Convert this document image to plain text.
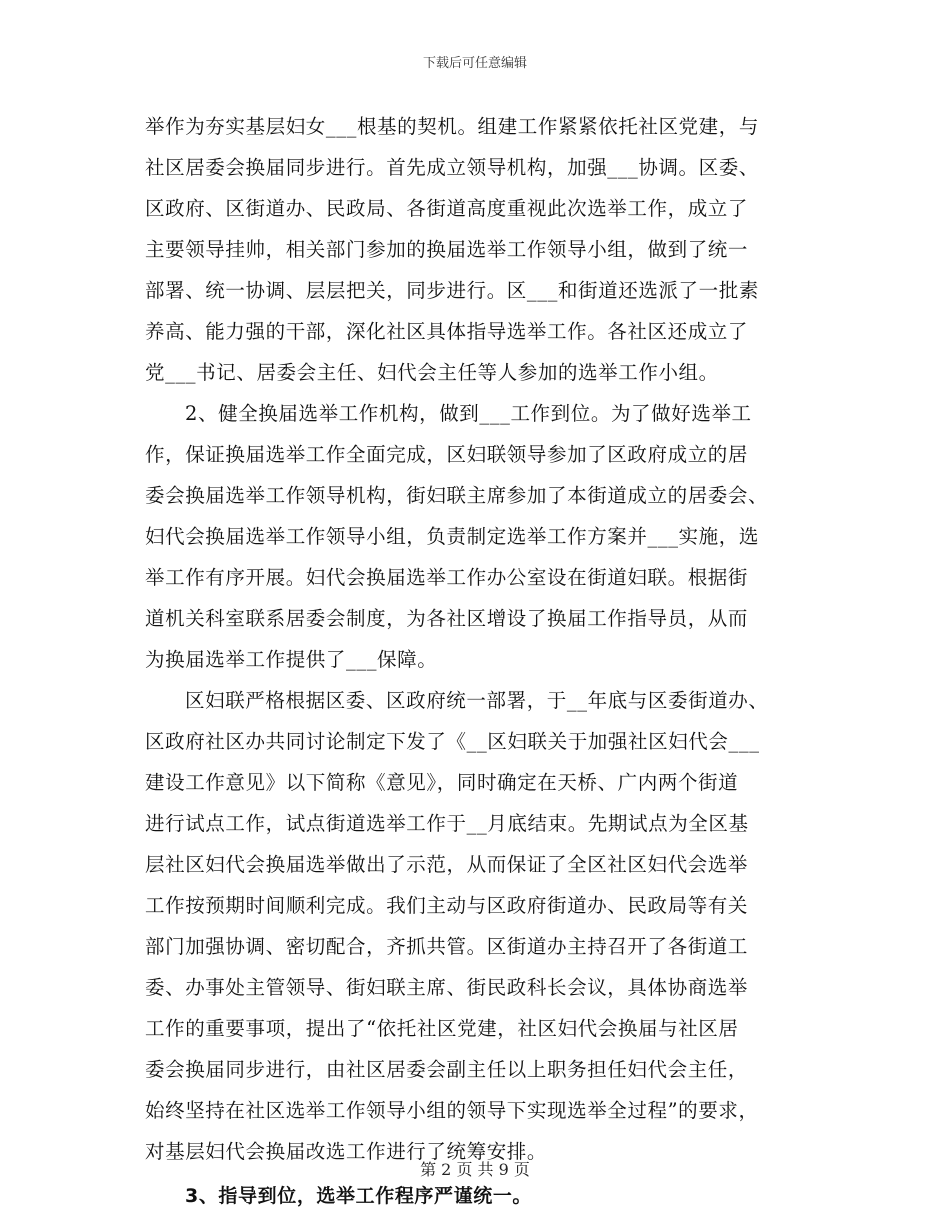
下载后可任意编辑
举作为夯实基层妇女___根基的契机。组建工作紧紧依托社区党建，与
社区居委会换届同步进行。首先成立领导机构，加强___协调。区委、
区政府、区街道办、民政局、各街道高度重视此次选举工作，成立了
主要领导挂帅，相关部门参加的换届选举工作领导小组，做到了统一
部署、统一协调、层层把关，同步进行。区___和街道还选派了一批素
养高、能力强的干部，深化社区具体指导选举工作。各社区还成立了
党___书记、居委会主任、妇代会主任等人参加的选举工作小组。
2、健全换届选举工作机构，做到___工作到位。为了做好选举工
作，保证换届选举工作全面完成，区妇联领导参加了区政府成立的居
委会换届选举工作领导机构，街妇联主席参加了本街道成立的居委会、
妇代会换届选举工作领导小组，负责制定选举工作方案并___实施，选
举工作有序开展。妇代会换届选举工作办公室设在街道妇联。根据街
道机关科室联系居委会制度，为各社区增设了换届工作指导员，从而
为换届选举工作提供了___保障。
区妇联严格根据区委、区政府统一部署，于__年底与区委街道办、
区政府社区办共同讨论制定下发了《__区妇联关于加强社区妇代会___
建设工作意见》以下简称《意见》，同时确定在天桥、广内两个街道
进行试点工作，试点街道选举工作于__月底结束。先期试点为全区基
层社区妇代会换届选举做出了示范，从而保证了全区社区妇代会选举
工作按预期时间顺利完成。我们主动与区政府街道办、民政局等有关
部门加强协调、密切配合，齐抓共管。区街道办主持召开了各街道工
委、办事处主管领导、街妇联主席、街民政科长会议，具体协商选举
工作的重要事项，提出了“依托社区党建，社区妇代会换届与社区居
委会换届同步进行，由社区居委会副主任以上职务担任妇代会主任，
始终坚持在社区选举工作领导小组的领导下实现选举全过程”的要求，
对基层妇代会换届改选工作进行了统筹安排。
3、指导到位，选举工作程序严谨统一。
第 2 页 共 9 页
